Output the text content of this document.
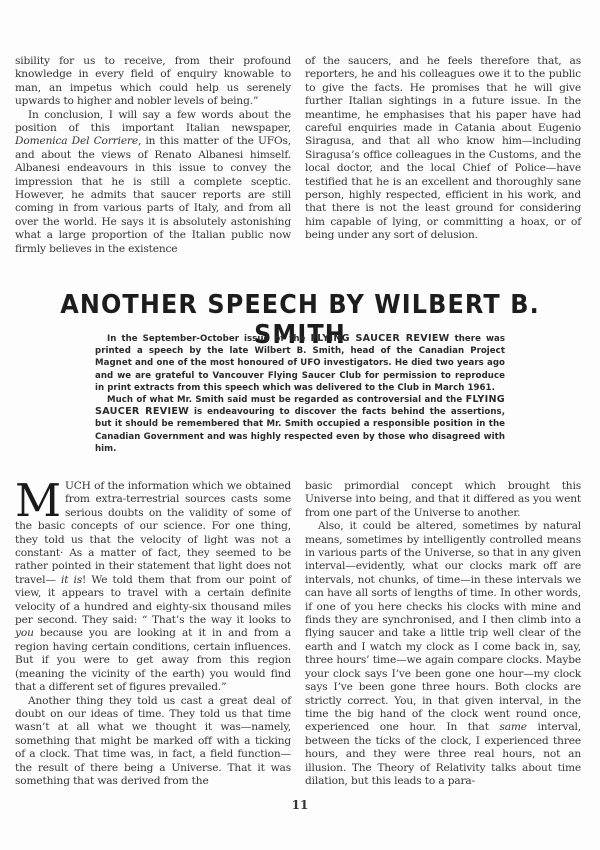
sibility for us to receive, from their profound knowledge in every field of enquiry knowable to man, an impetus which could help us serenely upwards to higher and nobler levels of being.”

In conclusion, I will say a few words about the position of this important Italian newspaper, Domenica Del Corriere, in this matter of the UFOs, and about the views of Renato Albanesi himself. Albanesi endeavours in this issue to convey the impression that he is still a complete sceptic. However, he admits that saucer reports are still coming in from various parts of Italy, and from all over the world. He says it is absolutely astonishing what a large proportion of the Italian public now firmly believes in the existence

of the saucers, and he feels therefore that, as reporters, he and his colleagues owe it to the public to give the facts. He promises that he will give further Italian sightings in a future issue. In the meantime, he emphasises that his paper have had careful enquiries made in Catania about Eugenio Siragusa, and that all who know him—including Siragusa’s office colleagues in the Customs, and the local doctor, and the local Chief of Police—have testified that he is an excellent and thoroughly sane person, highly respected, efficient in his work, and that there is not the least ground for considering him capable of lying, or committing a hoax, or of being under any sort of delusion.

ANOTHER SPEECH BY WILBERT B. SMITH

In the September-October issue of the FLYING SAUCER REVIEW there was printed a speech by the late Wilbert B. Smith, head of the Canadian Project Magnet and one of the most honoured of UFO investigators. He died two years ago and we are grateful to Vancouver Flying Saucer Club for permission to reproduce in print extracts from this speech which was delivered to the Club in March 1961.

Much of what Mr. Smith said must be regarded as controversial and the FLYING SAUCER REVIEW is endeavouring to discover the facts behind the assertions, but it should be remembered that Mr. Smith occupied a responsible position in the Canadian Government and was highly respected even by those who disagreed with him.

MUCH of the information which we obtained from extra-terrestrial sources casts some serious doubts on the validity of some of the basic concepts of our science. For one thing, they told us that the velocity of light was not a constant· As a matter of fact, they seemed to be rather pointed in their statement that light does not travel— it is! We told them that from our point of view, it appears to travel with a certain definite velocity of a hundred and eighty-six thousand miles per second. They said: “ That’s the way it looks to you because you are looking at it in and from a region having certain conditions, certain influences. But if you were to get away from this region (meaning the vicinity of the earth) you would find that a different set of figures prevailed.”

Another thing they told us cast a great deal of doubt on our ideas of time. They told us that time wasn’t at all what we thought it was—namely, something that might be marked off with a ticking of a clock. That time was, in fact, a field function—the result of there being a Universe. That it was something that was derived from the

basic primordial concept which brought this Universe into being, and that it differed as you went from one part of the Universe to another.

Also, it could be altered, sometimes by natural means, sometimes by intelligently controlled means in various parts of the Universe, so that in any given interval—evidently, what our clocks mark off are intervals, not chunks, of time—in these intervals we can have all sorts of lengths of time. In other words, if one of you here checks his clocks with mine and finds they are synchronised, and I then climb into a flying saucer and take a little trip well clear of the earth and I watch my clock as I come back in, say, three hours’ time—we again compare clocks. Maybe your clock says I’ve been gone one hour—my clock says I’ve been gone three hours. Both clocks are strictly correct. You, in that given interval, in the time the big hand of the clock went round once, experienced one hour. In that same interval, between the ticks of the clock, I experienced three hours, and they were three real hours, not an illusion. The Theory of Relativity talks about time dilation, but this leads to a para-

11
